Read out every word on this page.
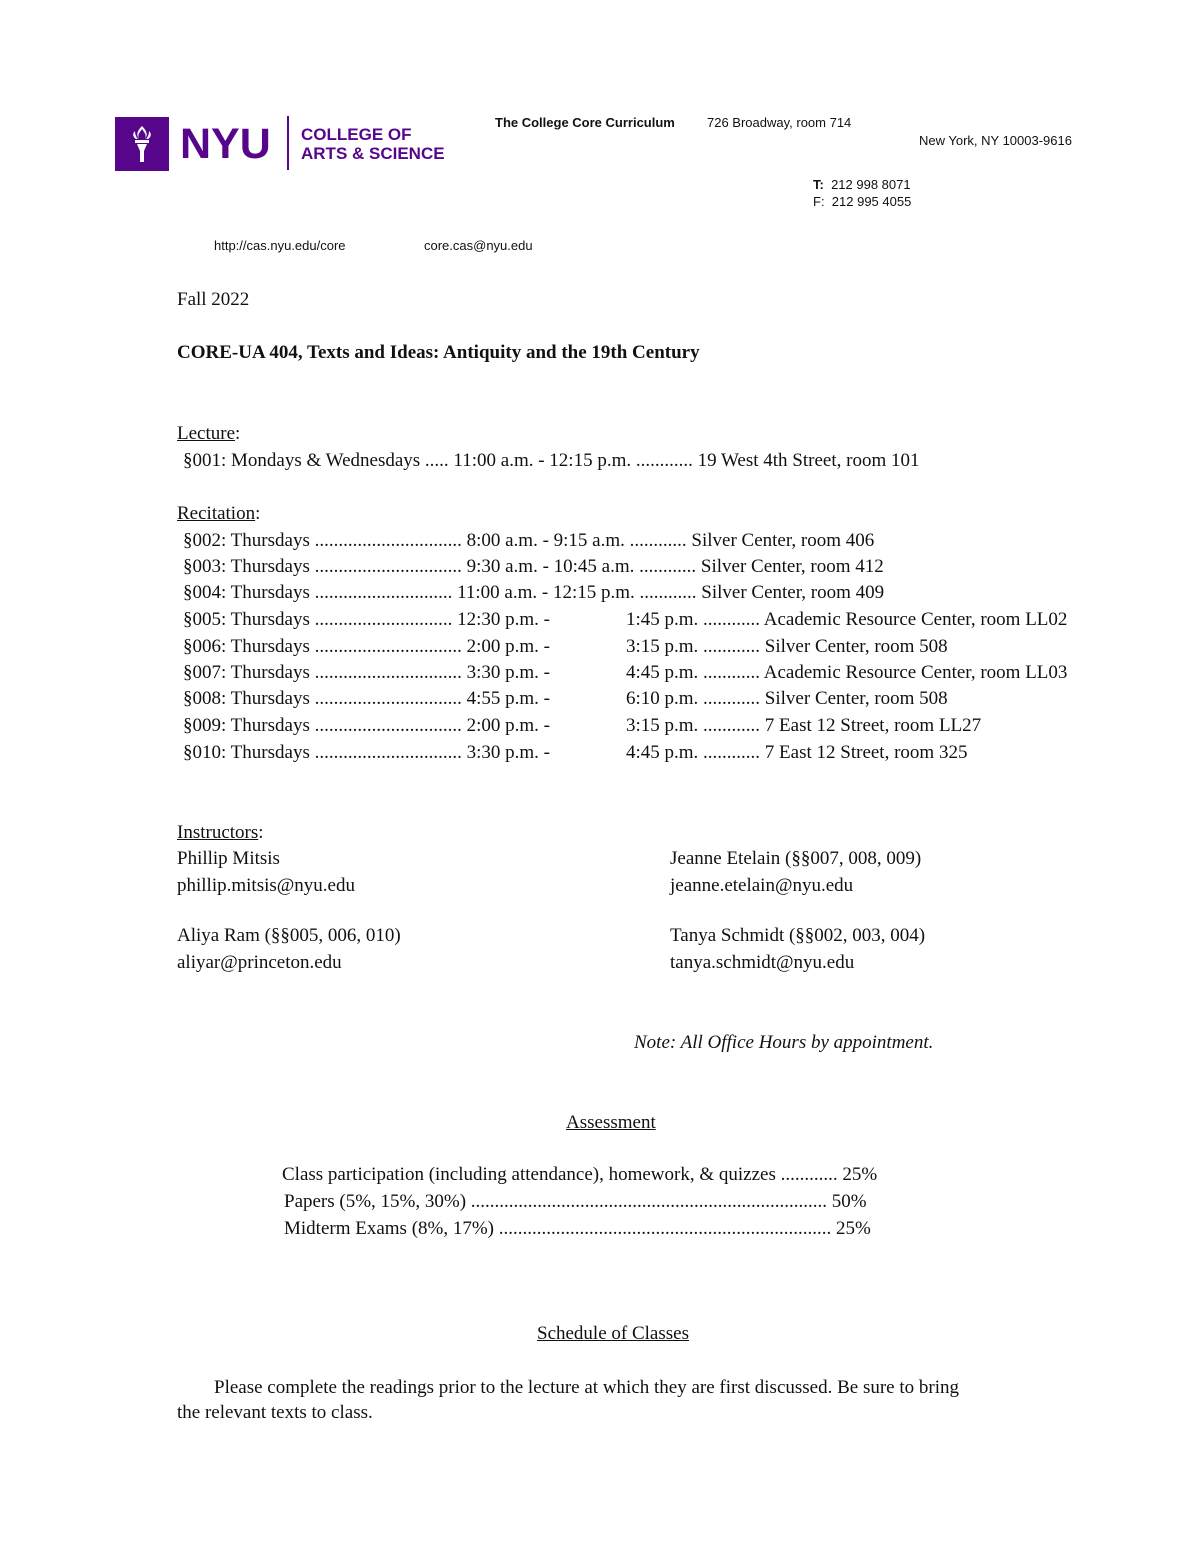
NYU COLLEGE OF
ARTS & SCIENCE
The College Core Curriculum 726 Broadway, room 714
New York, NY 10003-9616
T: 212 998 8071
F: 212 995 4055
http://cas.nyu.edu/core	core.cas@nyu.edu
Fall 2022
CORE-UA 404, Texts and Ideas: Antiquity and the 19th Century
Lecture:
§001: Mondays & Wednesdays ..... 11:00 a.m. - 12:15 p.m. ............ 19 West 4th Street, room 101
Recitation:
§002: Thursdays ............................... 8:00 a.m. - 9:15 a.m. ............ Silver Center, room 406
§003: Thursdays ............................... 9:30 a.m. - 10:45 a.m. ............ Silver Center, room 412
§004: Thursdays ............................. 11:00 a.m. - 12:15 p.m. ............ Silver Center, room 409
§005: Thursdays ............................. 12:30 p.m. -	1:45 p.m. ............ Academic Resource Center, room LL02
§006: Thursdays ............................... 2:00 p.m. -	3:15 p.m. ............ Silver Center, room 508
§007: Thursdays ............................... 3:30 p.m. -	4:45 p.m. ............ Academic Resource Center, room LL03
§008: Thursdays ............................... 4:55 p.m. -	6:10 p.m. ............ Silver Center, room 508
§009: Thursdays ............................... 2:00 p.m. -	3:15 p.m. ............ 7 East 12 Street, room LL27
§010: Thursdays ............................... 3:30 p.m. -	4:45 p.m. ............ 7 East 12 Street, room 325
Instructors:
Phillip Mitsis
phillip.mitsis@nyu.edu
Jeanne Etelain (§§007, 008, 009)
jeanne.etelain@nyu.edu
Aliya Ram (§§005, 006, 010)
aliyar@princeton.edu
Tanya Schmidt (§§002, 003, 004)
tanya.schmidt@nyu.edu
Note: All Office Hours by appointment.
Assessment
Class participation (including attendance), homework, & quizzes ............ 25%
Papers (5%, 15%, 30%) ........................................................................... 50%
Midterm Exams (8%, 17%) ...................................................................... 25%
Schedule of Classes
Please complete the readings prior to the lecture at which they are first discussed. Be sure to bring
the relevant texts to class.
